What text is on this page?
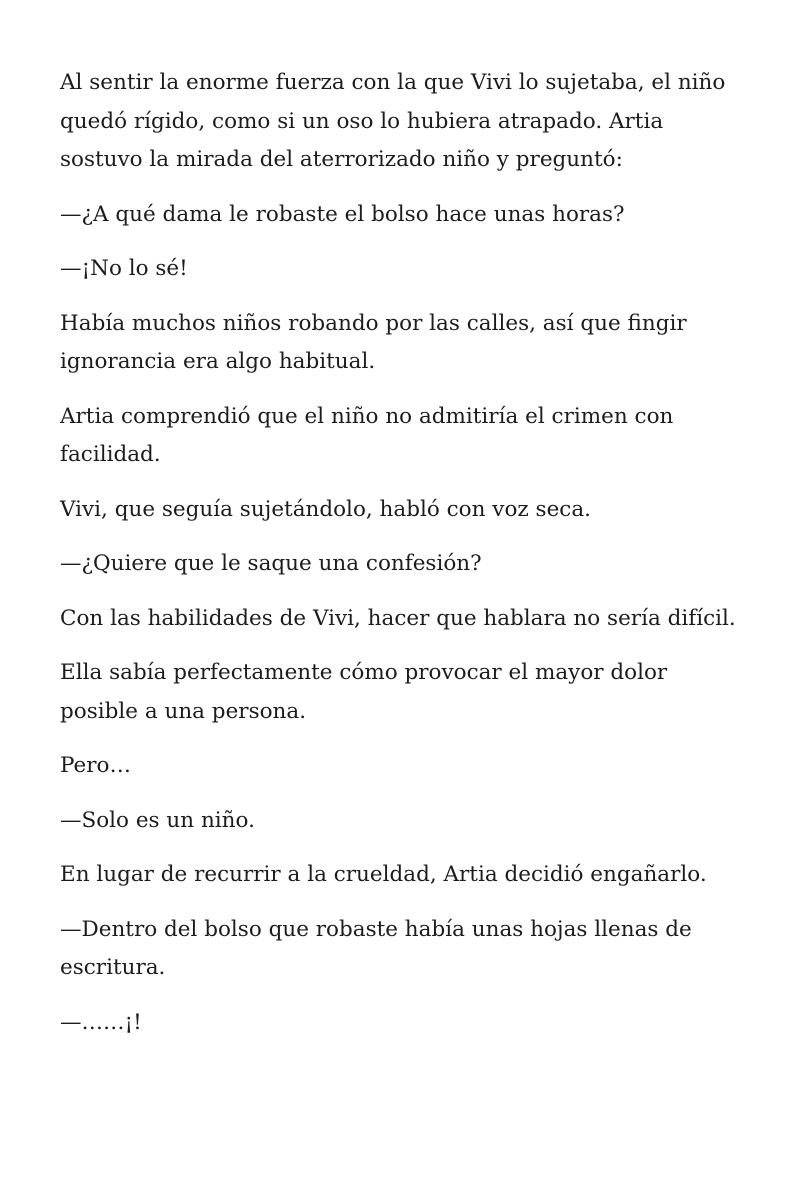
Al sentir la enorme fuerza con la que Vivi lo sujetaba, el niño quedó rígido, como si un oso lo hubiera atrapado. Artia sostuvo la mirada del aterrorizado niño y preguntó:

—¿A qué dama le robaste el bolso hace unas horas?

—¡No lo sé!

Había muchos niños robando por las calles, así que fingir ignorancia era algo habitual.

Artia comprendió que el niño no admitiría el crimen con facilidad.

Vivi, que seguía sujetándolo, habló con voz seca.

—¿Quiere que le saque una confesión?

Con las habilidades de Vivi, hacer que hablara no sería difícil.

Ella sabía perfectamente cómo provocar el mayor dolor posible a una persona.

Pero…

—Solo es un niño.

En lugar de recurrir a la crueldad, Artia decidió engañarlo.

—Dentro del bolso que robaste había unas hojas llenas de escritura.

—……¡!
